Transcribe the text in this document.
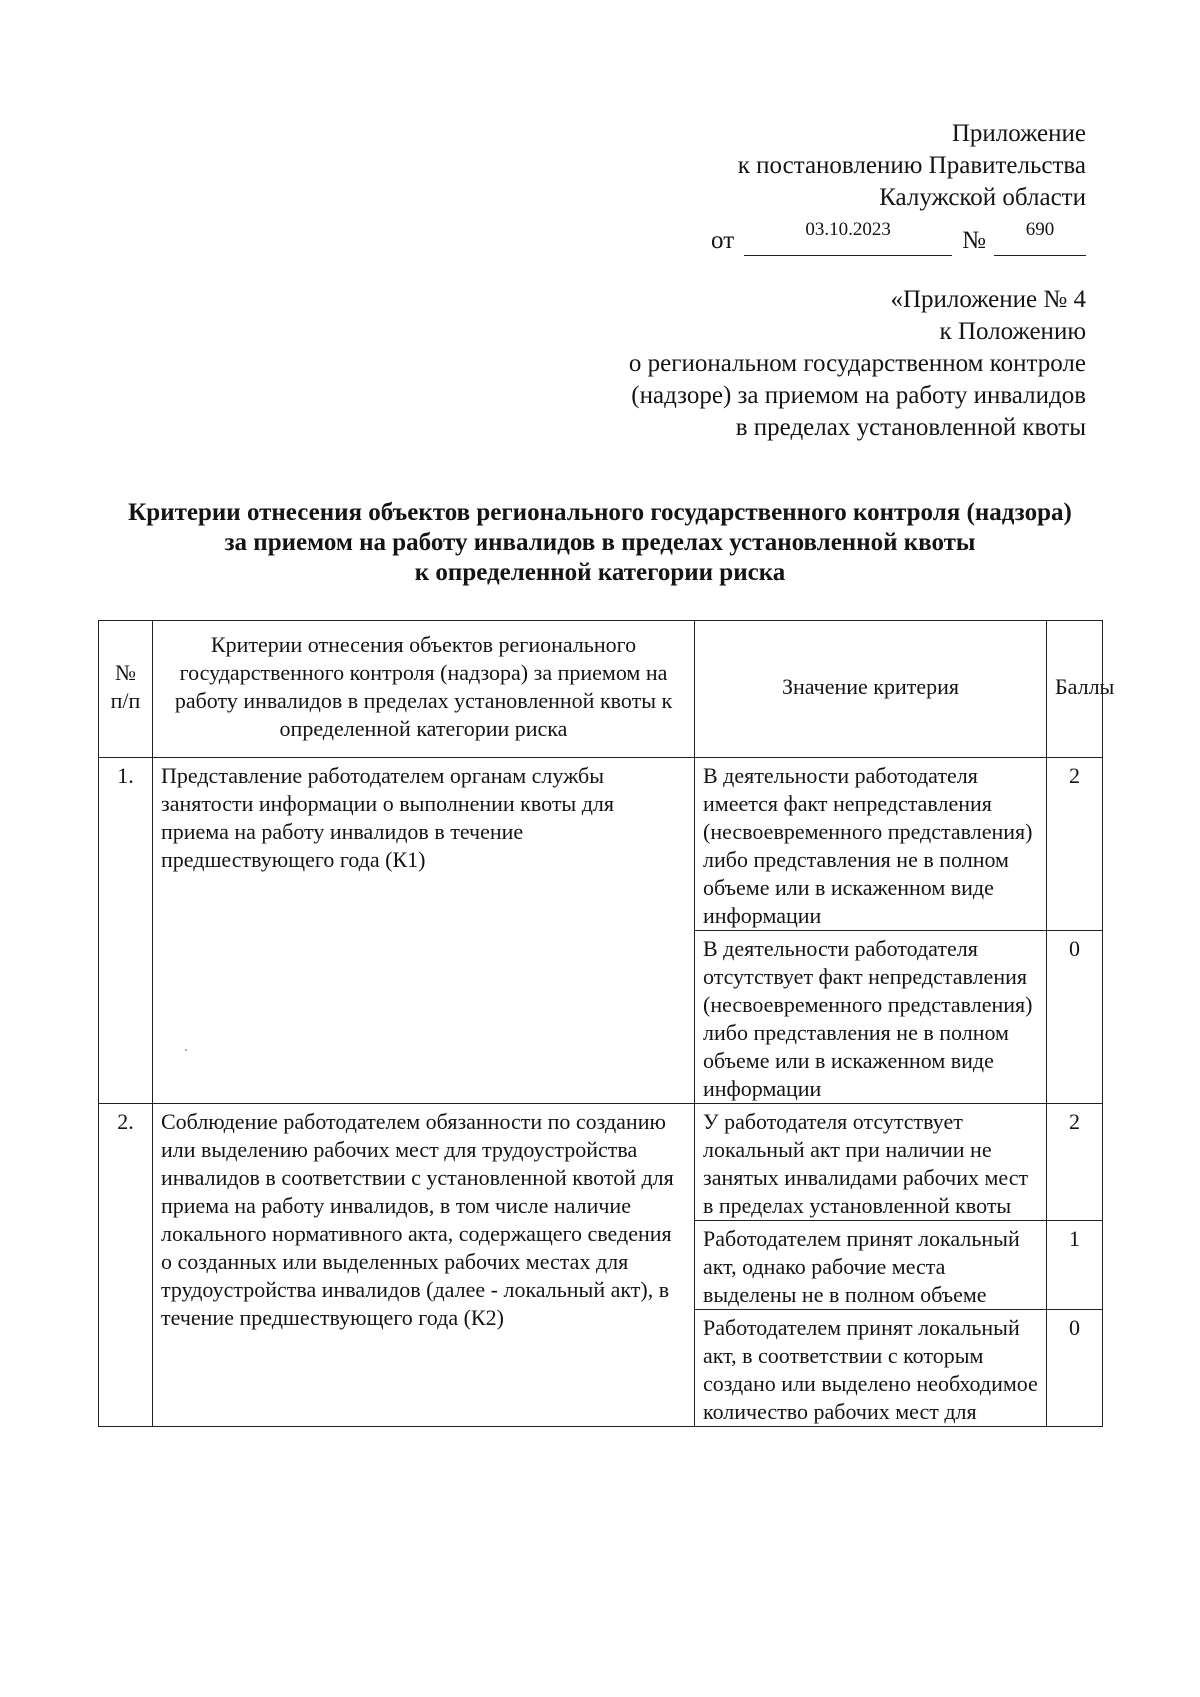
Приложение
к постановлению Правительства
Калужской области
от	03.10.2023	№	690
«Приложение № 4
к Положению
о региональном государственном контроле
(надзоре) за приемом на работу инвалидов
в пределах установленной квоты
Критерии отнесения объектов регионального государственного контроля (надзора)
за приемом на работу инвалидов в пределах установленной квоты
к определенной категории риска
№ п/п	Критерии отнесения объектов регионального государственного контроля (надзора) за приемом на работу инвалидов в пределах установленной квоты к определенной категории риска	Значение критерия	Баллы
1.	Представление работодателем органам службы занятости информации о выполнении квоты для приема на работу инвалидов в течение предшествующего года (К1)	В деятельности работодателя имеется факт непредставления (несвоевременного представления) либо представления не в полном объеме или в искаженном виде информации	2
		В деятельности работодателя отсутствует факт непредставления (несвоевременного представления) либо представления не в полном объеме или в искаженном виде информации	0
2.	Соблюдение работодателем обязанности по созданию или выделению рабочих мест для трудоустройства инвалидов в соответствии с установленной квотой для приема на работу инвалидов, в том числе наличие локального нормативного акта, содержащего сведения о созданных или выделенных рабочих местах для трудоустройства инвалидов (далее - локальный акт), в течение предшествующего года (К2)	У работодателя отсутствует локальный акт при наличии не занятых инвалидами рабочих мест в пределах установленной квоты	2
		Работодателем принят локальный акт, однако рабочие места выделены не в полном объеме	1
		Работодателем принят локальный акт, в соответствии с которым создано или выделено необходимое количество рабочих мест для	0
